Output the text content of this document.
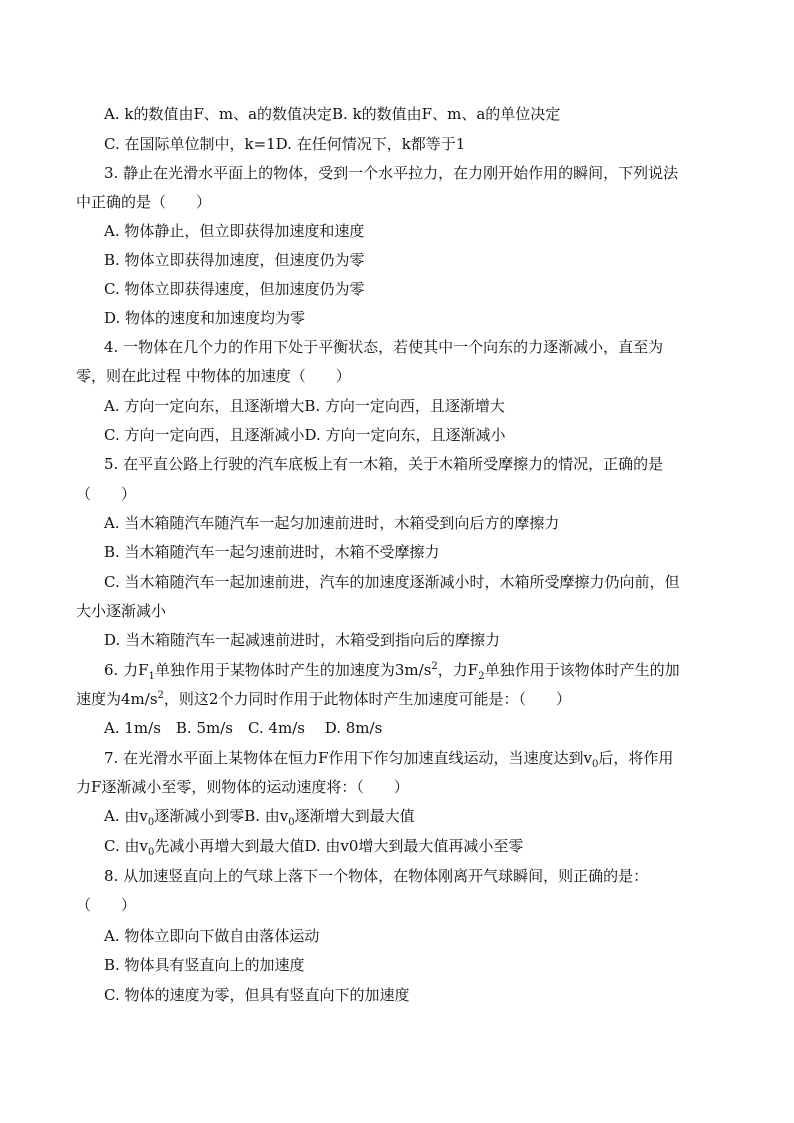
A. k的数值由F、m、a的数值决定B. k的数值由F、m、a的单位决定
C. 在国际单位制中，k=1D. 在任何情况下，k都等于1
3. 静止在光滑水平面上的物体，受到一个水平拉力，在力刚开始作用的瞬间，下列说法
中正确的是（　　）
A. 物体静止，但立即获得加速度和速度
B. 物体立即获得加速度，但速度仍为零
C. 物体立即获得速度，但加速度仍为零
D. 物体的速度和加速度均为零
4. 一物体在几个力的作用下处于平衡状态，若使其中一个向东的力逐渐减小，直至为
零，则在此过程 中物体的加速度（　　）
A. 方向一定向东，且逐渐增大B. 方向一定向西，且逐渐增大
C. 方向一定向西，且逐渐减小D. 方向一定向东，且逐渐减小
5. 在平直公路上行驶的汽车底板上有一木箱，关于木箱所受摩擦力的情况，正确的是
（　　）
A. 当木箱随汽车随汽车一起匀加速前进时，木箱受到向后方的摩擦力
B. 当木箱随汽车一起匀速前进时，木箱不受摩擦力
C. 当木箱随汽车一起加速前进，汽车的加速度逐渐减小时，木箱所受摩擦力仍向前，但
大小逐渐减小
D. 当木箱随汽车一起减速前进时，木箱受到指向后的摩擦力
6. 力$F_1$单独作用于某物体时产生的加速度为$3m/s^2$，力$F_2$单独作用于该物体时产生的加
速度为$4m/s^2$，则这2个力同时作用于此物体时产生加速度可能是：（　　）
A. 1m/s　B. 5m/s　C. 4m/s　 D. 8m/s
7. 在光滑水平面上某物体在恒力F作用下作匀加速直线运动，当速度达到$v_0$后，将作用
力F逐渐减小至零，则物体的运动速度将：（　　）
A. 由$v_0$逐渐减小到零B. 由$v_0$逐渐增大到最大值
C. 由$v_0$先减小再增大到最大值D. 由v0增大到最大值再减小至零
8. 从加速竖直向上的气球上落下一个物体，在物体刚离开气球瞬间，则正确的是：
（　　）
A. 物体立即向下做自由落体运动
B. 物体具有竖直向上的加速度
C. 物体的速度为零，但具有竖直向下的加速度
